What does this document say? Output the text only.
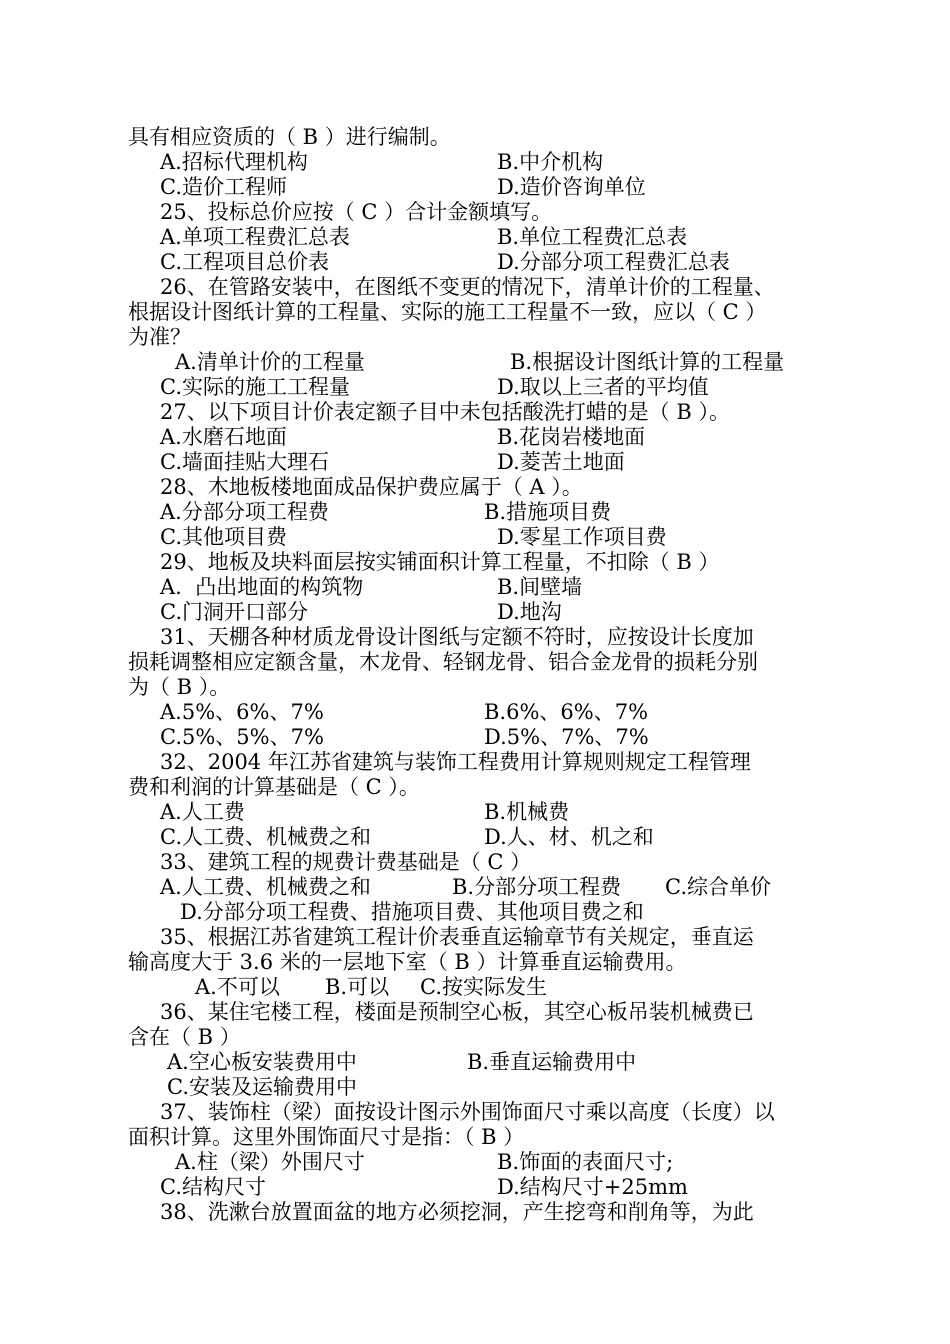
具有相应资质的（ B ）进行编制。
A.招标代理机构	B.中介机构
C.造价工程师	D.造价咨询单位
25、投标总价应按（ C ）合计金额填写。
A.单项工程费汇总表	B.单位工程费汇总表
C.工程项目总价表	D.分部分项工程费汇总表
26、在管路安装中，在图纸不变更的情况下，清单计价的工程量、
根据设计图纸计算的工程量、实际的施工工程量不一致，应以（ C ）
为准？
A.清单计价的工程量	B.根据设计图纸计算的工程量
C.实际的施工工程量	D.取以上三者的平均值
27、以下项目计价表定额子目中未包括酸洗打蜡的是（ B ）。
A.水磨石地面	B.花岗岩楼地面
C.墙面挂贴大理石	D.菱苦土地面
28、木地板楼地面成品保护费应属于（ A ）。
A.分部分项工程费	B.措施项目费
C.其他项目费	D.零星工作项目费
29、地板及块料面层按实铺面积计算工程量，不扣除（ B ）
A.  凸出地面的构筑物	B.间壁墙
C.门洞开口部分	D.地沟
31、天棚各种材质龙骨设计图纸与定额不符时，应按设计长度加
损耗调整相应定额含量，木龙骨、轻钢龙骨、铝合金龙骨的损耗分别
为（ B ）。
A.5%、6%、7%	B.6%、6%、7%
C.5%、5%、7%	D.5%、7%、7%
32、2004 年江苏省建筑与装饰工程费用计算规则规定工程管理
费和利润的计算基础是（ C ）。
A.人工费	B.机械费
C.人工费、机械费之和	D.人、材、机之和
33、建筑工程的规费计费基础是（ C ）
A.人工费、机械费之和	B.分部分项工程费 C.综合单价
D.分部分项工程费、措施项目费、其他项目费之和
35、根据江苏省建筑工程计价表垂直运输章节有关规定，垂直运
输高度大于 3.6 米的一层地下室（ B ）计算垂直运输费用。
A.不可以 B.可以 C.按实际发生
36、某住宅楼工程，楼面是预制空心板，其空心板吊装机械费已
含在（ B ）
A.空心板安装费用中	B.垂直运输费用中
C.安装及运输费用中
37、装饰柱（梁）面按设计图示外围饰面尺寸乘以高度（长度）以
面积计算。这里外围饰面尺寸是指：（ B ）
A.柱（梁）外围尺寸	B.饰面的表面尺寸;
C.结构尺寸	D.结构尺寸+25mm
38、洗漱台放置面盆的地方必须挖洞，产生挖弯和削角等，为此
